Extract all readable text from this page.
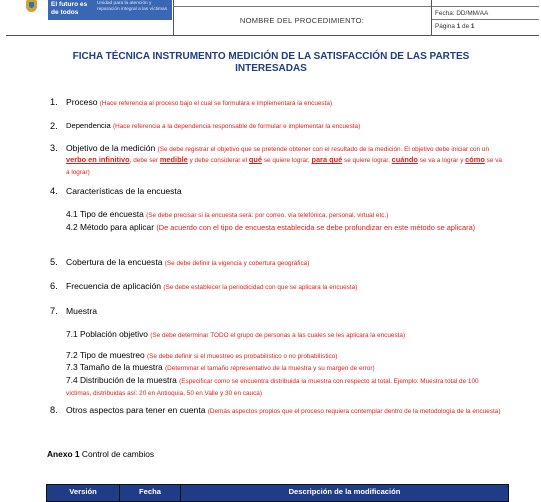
El futuro es de todos
Unidad para la atención y reparación integral a las víctimas
NOMBRE DEL PROCEDIMIENTO:
Fecha: DD/MM/AA
Página 1 de 1
FICHA TÉCNICA INSTRUMENTO MEDICIÓN DE LA SATISFACCIÓN DE LAS PARTES INTERESADAS
1. Proceso (Hace referencia al proceso bajo el cual se formulara e implementará la encuesta)
2. Dependencia (Hace referencia a la dependencia responsable de formular e implementar la encuesta)
3. Objetivo de la medición (Se debe registrar el objetivo que se pretende obtener con el resultado de la medición. El objetivo debe iniciar con un verbo en infinitivo, debe ser medible y debe considerar el qué se quiere lograr, para qué se quiere lograr, cuándo se va a lograr y cómo se va a lograr)
4. Características de la encuesta
4.1 Tipo de encuesta (Se debe precisar si la encuesta será: por correo, vía telefónica, personal, virtual etc.)
4.2 Método para aplicar (De acuerdo con el tipo de encuesta establecida se debe profundizar en este método se aplicara)
5. Cobertura de la encuesta (Se debe definir la vigencia y cobertura geográfica)
6. Frecuencia de aplicación (Se debe establecer la periodicidad con que se aplicara la encuesta)
7. Muestra
7.1 Población objetivo (Se debe determinar TODO el grupo de personas a las cuales se les aplicara la encuesta)
7.2 Tipo de muestreo (Se debe definir si el muestreo es probabilístico o no probabilístico)
7.3 Tamaño de la muestra (Determinar el tamaño representativo de la muestra y su margen de error)
7.4 Distribución de la muestra (Especificar como se encuentra distribuida la muestra con respecto al total. Ejemplo: Muestra total de 100 víctimas, distribuidas así: 20 en Antioquia, 50 en Valle y 30 en cauca)
8. Otros aspectos para tener en cuenta (Demás aspectos propios que el proceso requiera contemplar dentro de la metodología de la encuesta)
Anexo 1 Control de cambios
Versión	Fecha	Descripción de la modificación
